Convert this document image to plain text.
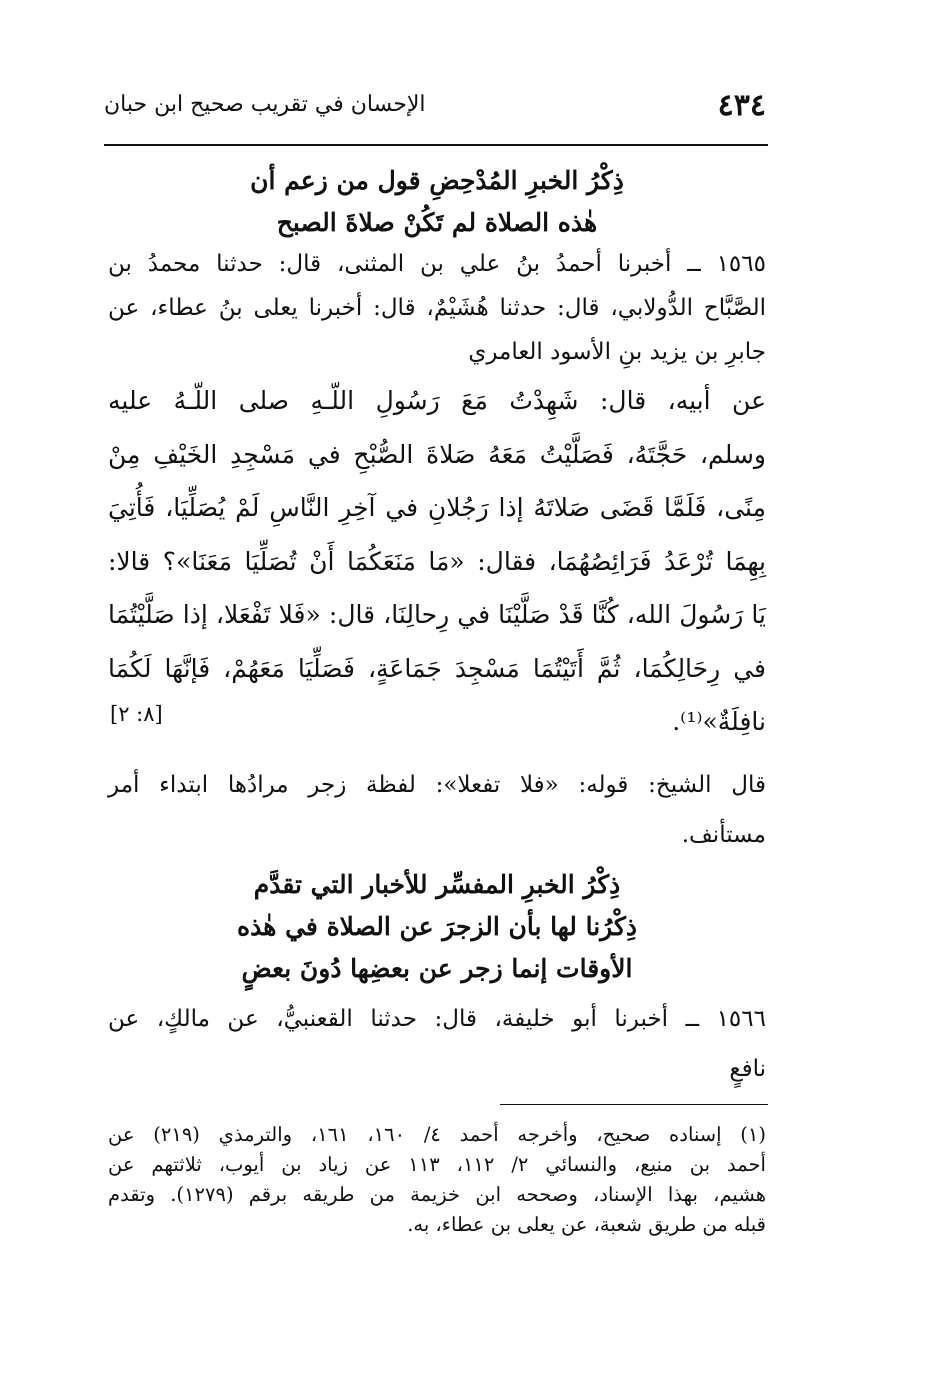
٤٣٤
الإحسان في تقريب صحيح ابن حبان
ذِكْرُ الخبرِ المُدْحِضِ قول من زعم أن
هٰذه الصلاة لم تَكُنْ صلاةَ الصبح
١٥٦٥ ــ أخبرنا أحمدُ بنُ علي بن المثنى، قال: حدثنا محمدُ بن
الصَّبَّاح الدُّولابي، قال: حدثنا هُشَيْمٌ، قال: أخبرنا يعلى بنُ عطاء، عن
جابرِ بن يزيد بنِ الأسود العامري
عن أبيه، قال: شَهِدْتُ مَعَ رَسُولِ اللّـهِ صلى اللّـهُ عليه
وسلم، حَجَّتَهُ، فَصَلَّيْتُ مَعَهُ صَلاةَ الصُّبْحِ في مَسْجِدِ الخَيْفِ مِنْ
مِنًى، فَلَمَّا قَضَى صَلاتَهُ إذا رَجُلانِ في آخِرِ النَّاسِ لَمْ يُصَلِّيَا، فَأُتِيَ
بِهِمَا تُرْعَدُ فَرَائِصُهُمَا، فقال: «مَا مَنَعَكُمَا أَنْ تُصَلِّيَا مَعَنَا»؟ قالا:
يَا رَسُولَ الله، كُنَّا قَدْ صَلَّيْنَا في رِحالِنَا، قال: «فَلا تَفْعَلا، إذا صَلَّيْتُمَا
في رِحَالِكُمَا، ثُمَّ أَتَيْتُمَا مَسْجِدَ جَمَاعَةٍ، فَصَلِّيَا مَعَهُمْ، فَإنَّهَا لَكُمَا
نافِلَةٌ»⁽¹⁾.
[٨: ٢]
قال الشيخ: قوله: «فلا تفعلا»: لفظة زجر مرادُها ابتداء أمر
مستأنف.
ذِكْرُ الخبرِ المفسِّر للأخبار التي تقدَّم
ذِكْرُنا لها بأن الزجرَ عن الصلاة في هٰذه
الأوقات إنما زجر عن بعضِها دُونَ بعضٍ
١٥٦٦ ــ أخبرنا أبو خليفة، قال: حدثنا القعنبيُّ، عن مالكٍ، عن
نافعٍ
(١) إسناده صحيح، وأخرجه أحمد ٤/ ١٦٠، ١٦١، والترمذي (٢١٩) عن
أحمد بن منيع، والنسائي ٢/ ١١٢، ١١٣ عن زياد بن أيوب، ثلاثتهم عن
هشيم، بهذا الإسناد، وصححه ابن خزيمة من طريقه برقم (١٢٧٩). وتقدم
قبله من طريق شعبة، عن يعلى بن عطاء، به.
